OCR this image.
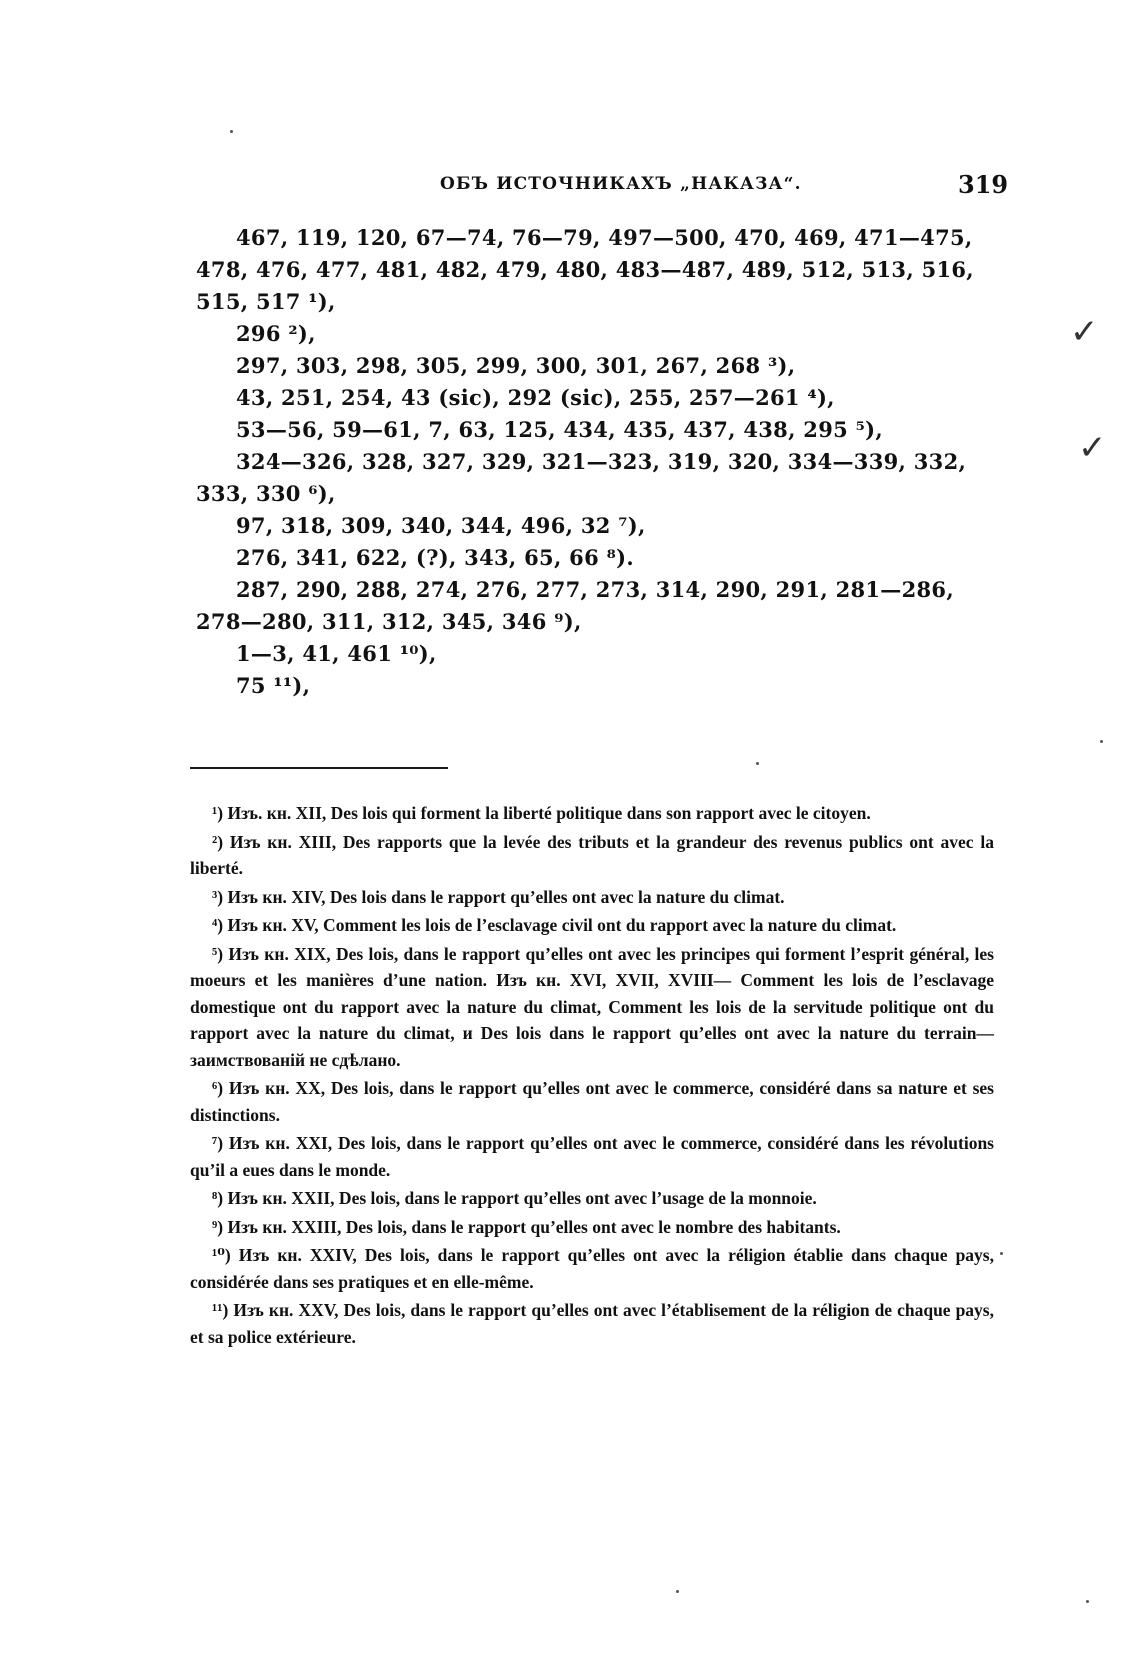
ОБЪ ИСТОЧНИКАХЪ „НАКАЗА“.	319
467, 119, 120, 67—74, 76—79, 497—500, 470, 469, 471—475,
478, 476, 477, 481, 482, 479, 480, 483—487, 489, 512, 513, 516,
515, 517 ¹),
296 ²),
297, 303, 298, 305, 299, 300, 301, 267, 268 ³),
43, 251, 254, 43 (sic), 292 (sic), 255, 257—261 ⁴),
53—56, 59—61, 7, 63, 125, 434, 435, 437, 438, 295 ⁵),
324—326, 328, 327, 329, 321—323, 319, 320, 334—339, 332,
333, 330 ⁶),
97, 318, 309, 340, 344, 496, 32 ⁷),
276, 341, 622, (?), 343, 65, 66 ⁸).
287, 290, 288, 274, 276, 277, 273, 314, 290, 291, 281—286,
278—280, 311, 312, 345, 346 ⁹),
1—3, 41, 461 ¹⁰),
75 ¹¹),

¹) Изъ. кн. XII, Des lois qui forment la liberté politique dans son rapport avec le citoyen.

²) Изъ кн. XIII, Des rapports que la levée des tributs et la grandeur des revenus publics ont avec la liberté.

³) Изъ кн. XIV, Des lois dans le rapport qu’elles ont avec la nature du climat.

⁴) Изъ кн. XV, Comment les lois de l’esclavage civil ont du rapport avec la nature du climat.

⁵) Изъ кн. XIX, Des lois, dans le rapport qu’elles ont avec les principes qui forment l’esprit général, les moeurs et les manières d’une nation. Изъ кн. XVI, XVII, XVIII— Comment les lois de l’esclavage domestique ont du rapport avec la nature du climat, Comment les lois de la servitude politique ont du rapport avec la nature du climat, и Des lois dans le rapport qu’elles ont avec la nature du terrain—заимствованій не сдѣлано.

⁶) Изъ кн. XX, Des lois, dans le rapport qu’elles ont avec le commerce, considéré dans sa nature et ses distinctions.

⁷) Изъ кн. XXI, Des lois, dans le rapport qu’elles ont avec le commerce, considéré dans les révolutions qu’il a eues dans le monde.

⁸) Изъ кн. XXII, Des lois, dans le rapport qu’elles ont avec l’usage de la monnoie.

⁹) Изъ кн. XXIII, Des lois, dans le rapport qu’elles ont avec le nombre des habitants.

¹⁰) Изъ кн. XXIV, Des lois, dans le rapport qu’elles ont avec la réligion établie dans chaque pays, considérée dans ses pratiques et en elle-même.

¹¹) Изъ кн. XXV, Des lois, dans le rapport qu’elles ont avec l’établisement de la réligion de chaque pays, et sa police extérieure.

✓
✓
